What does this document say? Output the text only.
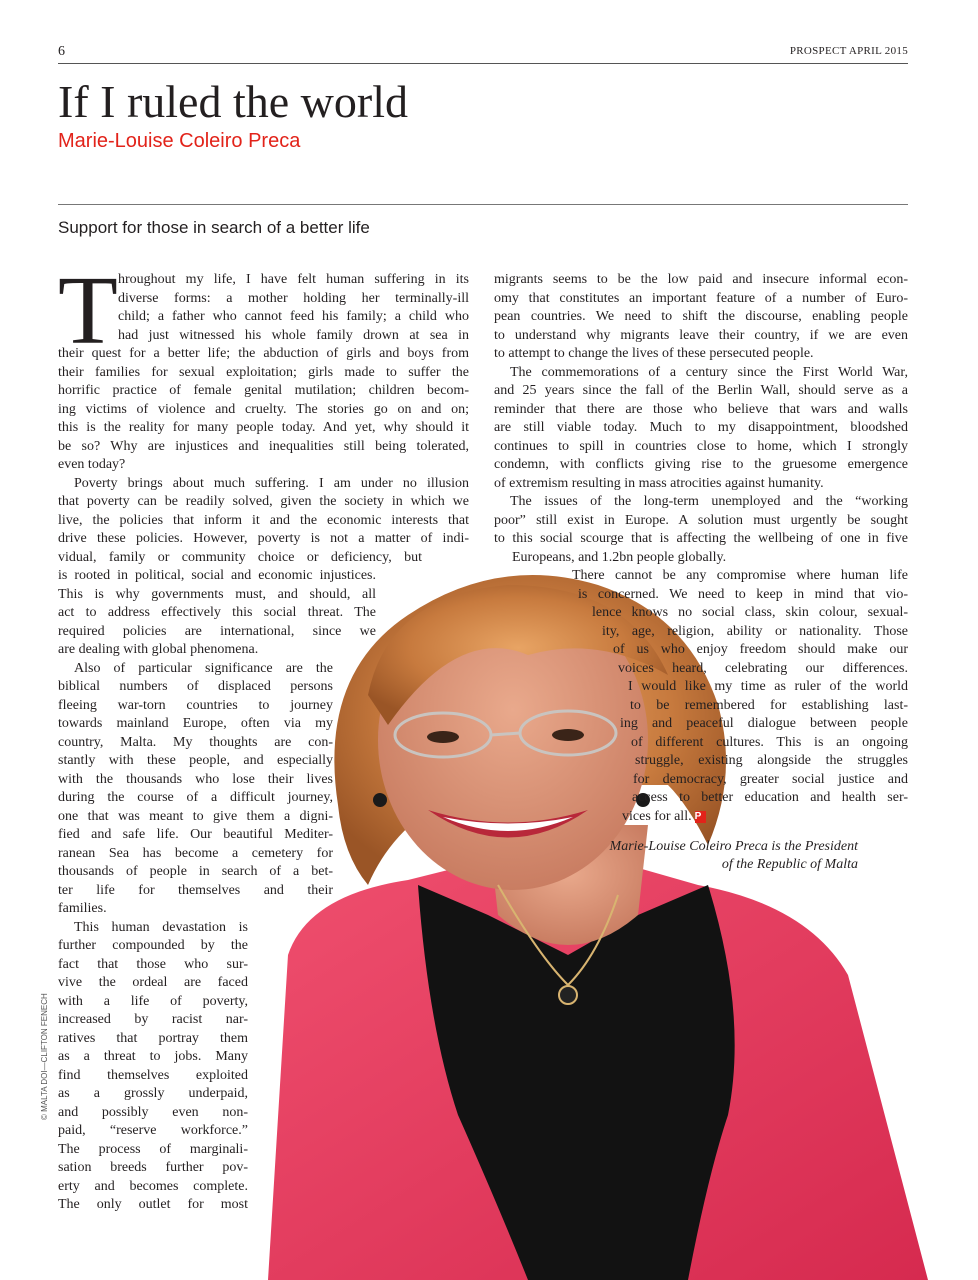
6	PROSPECT APRIL 2015
If I ruled the world
Marie-Louise Coleiro Preca
Support for those in search of a better life
T hroughout my life, I have felt human suffering in its
diverse forms: a mother holding her terminally-ill
child; a father who cannot feed his family; a child who
had just witnessed his whole family drown at sea in
their quest for a better life; the abduction of girls and boys from
their families for sexual exploitation; girls made to suffer the
horrific practice of female genital mutilation; children becom-
ing victims of violence and cruelty. The stories go on and on;
this is the reality for many people today. And yet, why should it
be so? Why are injustices and inequalities still being tolerated,
even today?
Poverty brings about much suffering. I am under no illusion
that poverty can be readily solved, given the society in which we
live, the policies that inform it and the economic interests that
drive these policies. However, poverty is not a matter of indi-
vidual, family or community choice or deficiency, but
is rooted in political, social and economic injustices.
This is why governments must, and should, all
act to address effectively this social threat. The
required policies are international, since we
are dealing with global phenomena.
Also of particular significance are the
biblical numbers of displaced persons
fleeing war-torn countries to journey
towards mainland Europe, often via my
country, Malta. My thoughts are con-
stantly with these people, and especially
with the thousands who lose their lives
during the course of a difficult journey,
one that was meant to give them a digni-
fied and safe life. Our beautiful Mediter-
ranean Sea has become a cemetery for
thousands of people in search of a bet-
ter life for themselves and their
families.
This human devastation is
further compounded by the
fact that those who sur-
vive the ordeal are faced
with a life of poverty,
increased by racist nar-
ratives that portray them
as a threat to jobs. Many
find themselves exploited
as a grossly underpaid,
and possibly even non-
paid, “reserve workforce.”
The process of marginali-
sation breeds further pov-
erty and becomes complete.
The only outlet for most
migrants seems to be the low paid and insecure informal econ-
omy that constitutes an important feature of a number of Euro-
pean countries. We need to shift the discourse, enabling people
to understand why migrants leave their country, if we are even
to attempt to change the lives of these persecuted people.
The commemorations of a century since the First World War,
and 25 years since the fall of the Berlin Wall, should serve as a
reminder that there are those who believe that wars and walls
are still viable today. Much to my disappointment, bloodshed
continues to spill in countries close to home, which I strongly
condemn, with conflicts giving rise to the gruesome emergence
of extremism resulting in mass atrocities against humanity.
The issues of the long-term unemployed and the “working
poor” still exist in Europe. A solution must urgently be sought
to this social scourge that is affecting the wellbeing of one in five
Europeans, and 1.2bn people globally.
There cannot be any compromise where human life
is concerned. We need to keep in mind that vio-
lence knows no social class, skin colour, sexual-
ity, age, religion, ability or nationality. Those
of us who enjoy freedom should make our
voices heard, celebrating our differences.
I would like my time as ruler of the world
to be remembered for establishing last-
ing and peaceful dialogue between people
of different cultures. This is an ongoing
struggle, existing alongside the struggles
for democracy, greater social justice and
access to better education and health ser-
vices for all. P
Marie-Louise Coleiro Preca is the President
of the Republic of Malta
© MALTA DOI—CLIFTON FENECH
